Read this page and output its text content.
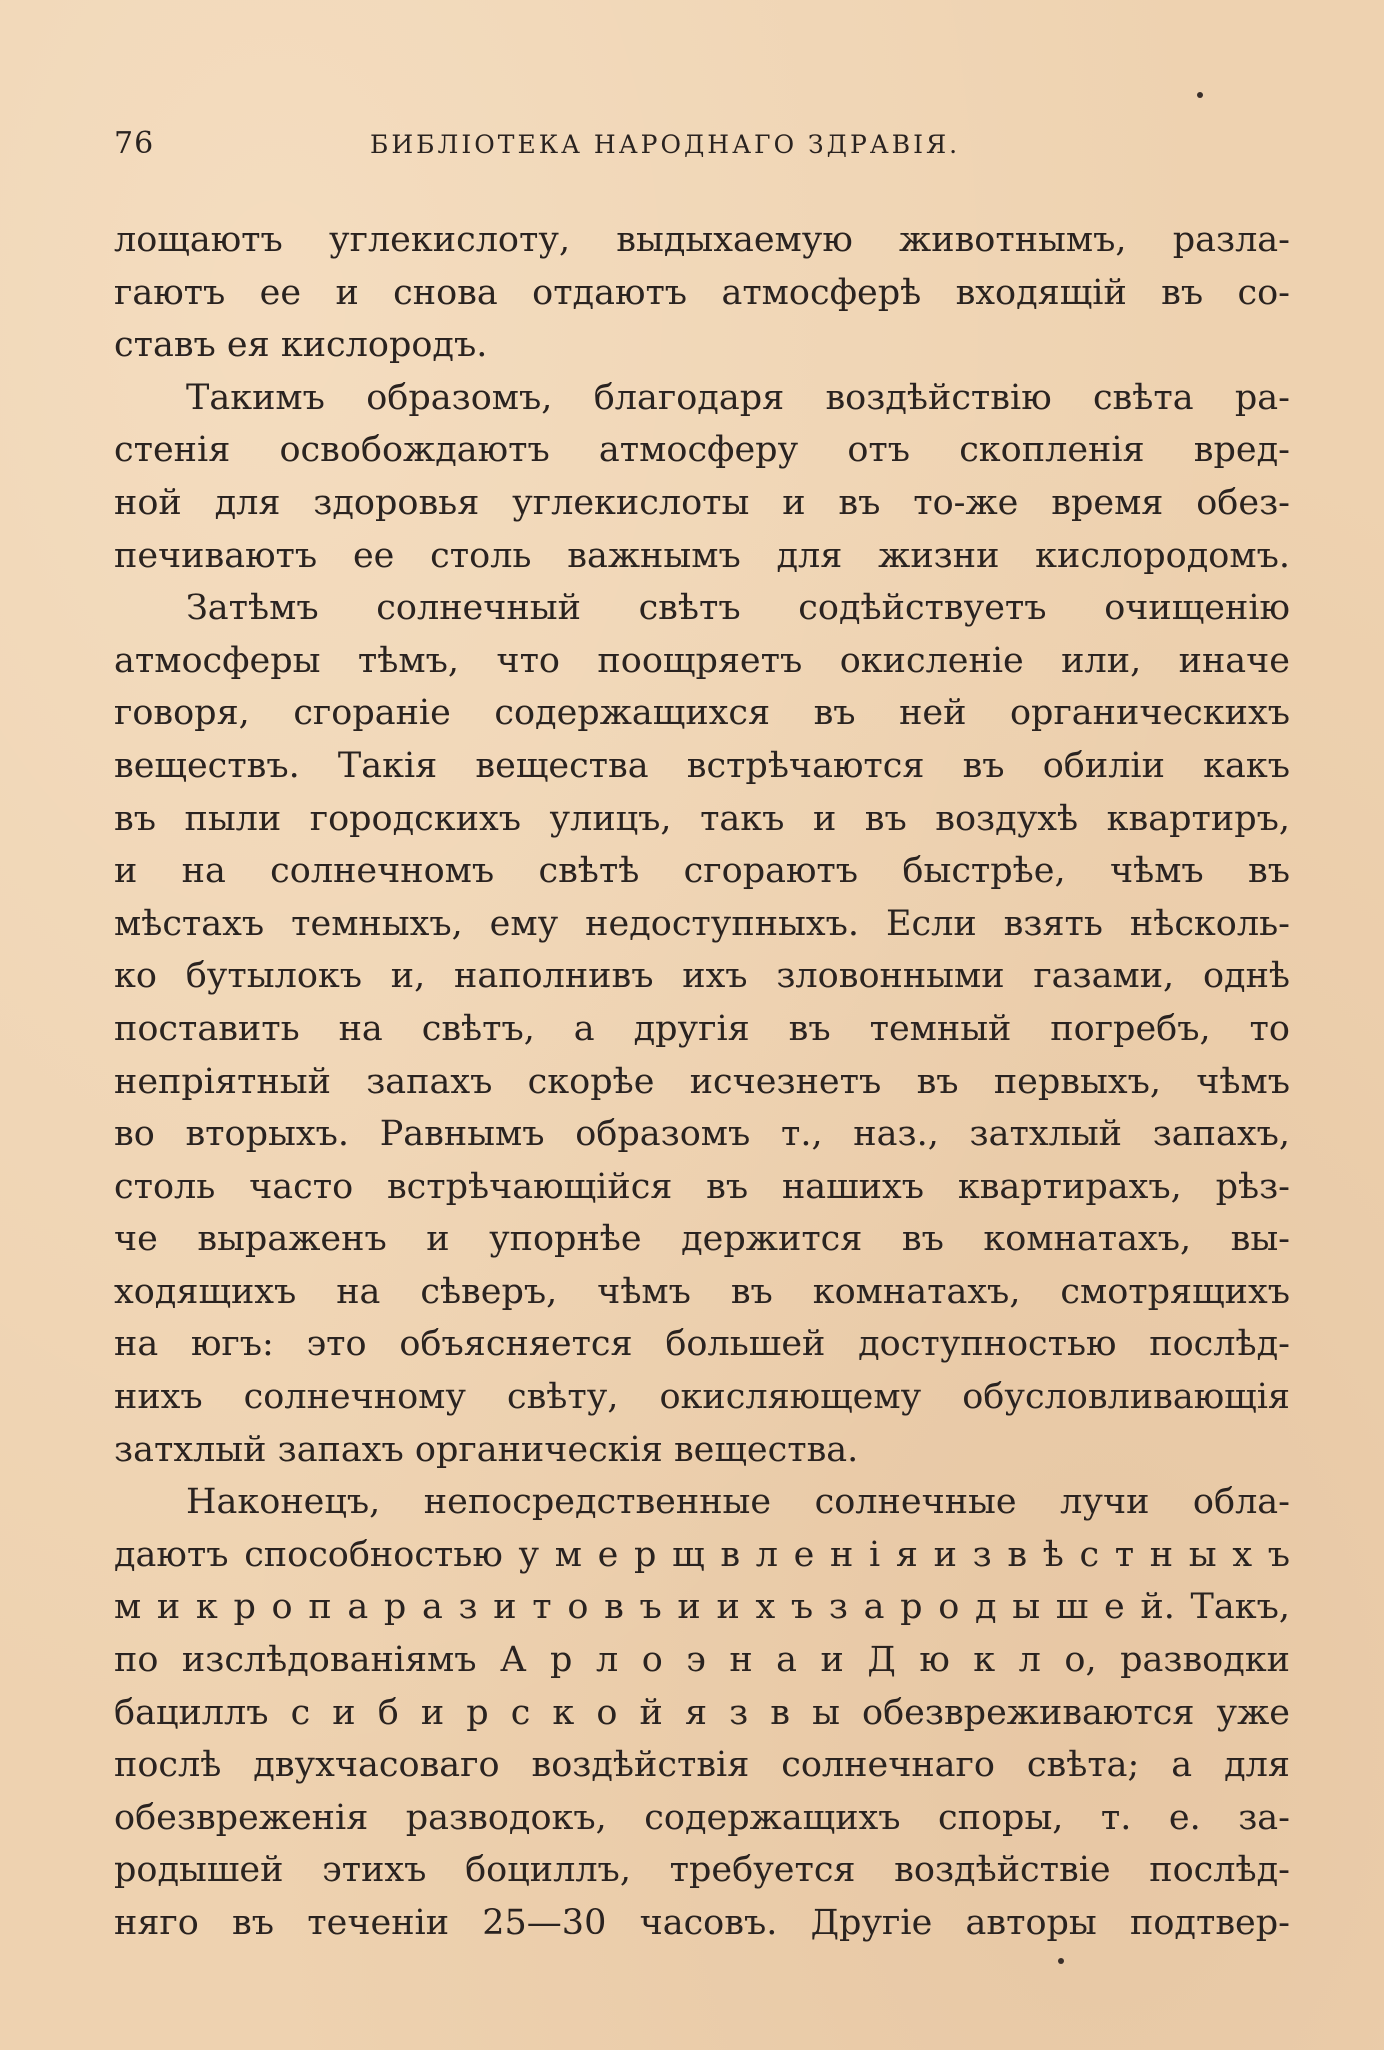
76	БИБЛIОТЕКА НАРОДНАГО ЗДРАВIЯ.
лощаютъ углекислоту, выдыхаемую животнымъ, разла-
гаютъ ее и снова отдаютъ атмосферѣ входящiй въ со-
ставъ ея кислородъ.
Такимъ образомъ, благодаря воздѣйствiю свѣта ра-
стенiя освобождаютъ атмосферу отъ скопленiя вред-
ной для здоровья углекислоты и въ то-же время обез-
печиваютъ ее столь важнымъ для жизни кислородомъ.
Затѣмъ солнечный свѣтъ содѣйствуетъ очищенiю
атмосферы тѣмъ, что поощряетъ окисленiе или, иначе
говоря, сгоранiе содержащихся въ ней органическихъ
веществъ. Такiя вещества встрѣчаются въ обилiи какъ
въ пыли городскихъ улицъ, такъ и въ воздухѣ квартиръ,
и на солнечномъ свѣтѣ сгораютъ быстрѣе, чѣмъ въ
мѣстахъ темныхъ, ему недоступныхъ. Если взять нѣсколь-
ко бутылокъ и, наполнивъ ихъ зловонными газами, однѣ
поставить на свѣтъ, а другiя въ темный погребъ, то
непрiятный запахъ скорѣе исчезнетъ въ первыхъ, чѣмъ
во вторыхъ. Равнымъ образомъ т., наз., затхлый запахъ,
столь часто встрѣчающiйся въ нашихъ квартирахъ, рѣз-
че выраженъ и упорнѣе держится въ комнатахъ, вы-
ходящихъ на сѣверъ, чѣмъ въ комнатахъ, смотрящихъ
на югъ: это объясняется большей доступностью послѣд-
нихъ солнечному свѣту, окисляющему обусловливающiя
затхлый запахъ органическiя вещества.
Наконецъ, непосредственные солнечные лучи обла-
даютъ способностью у м е р щ в л е н i я и з в ѣ с т н ы х ъ
м и к р о п а р а з и т о в ъ и и х ъ з а р о д ы ш е й. Такъ,
по изслѣдованiямъ А р л о э н а и Д ю к л о, разводки
бациллъ с и б и р с к о й я з в ы обезвреживаются уже
послѣ двухчасоваго воздѣйствiя солнечнаго свѣта; а для
обезвреженiя разводокъ, содержащихъ споры, т. е. за-
родышей этихъ бoциллъ, требуется воздѣйствiе послѣд-
няго въ теченiи 25—30 часовъ. Другiе авторы подтвер-
